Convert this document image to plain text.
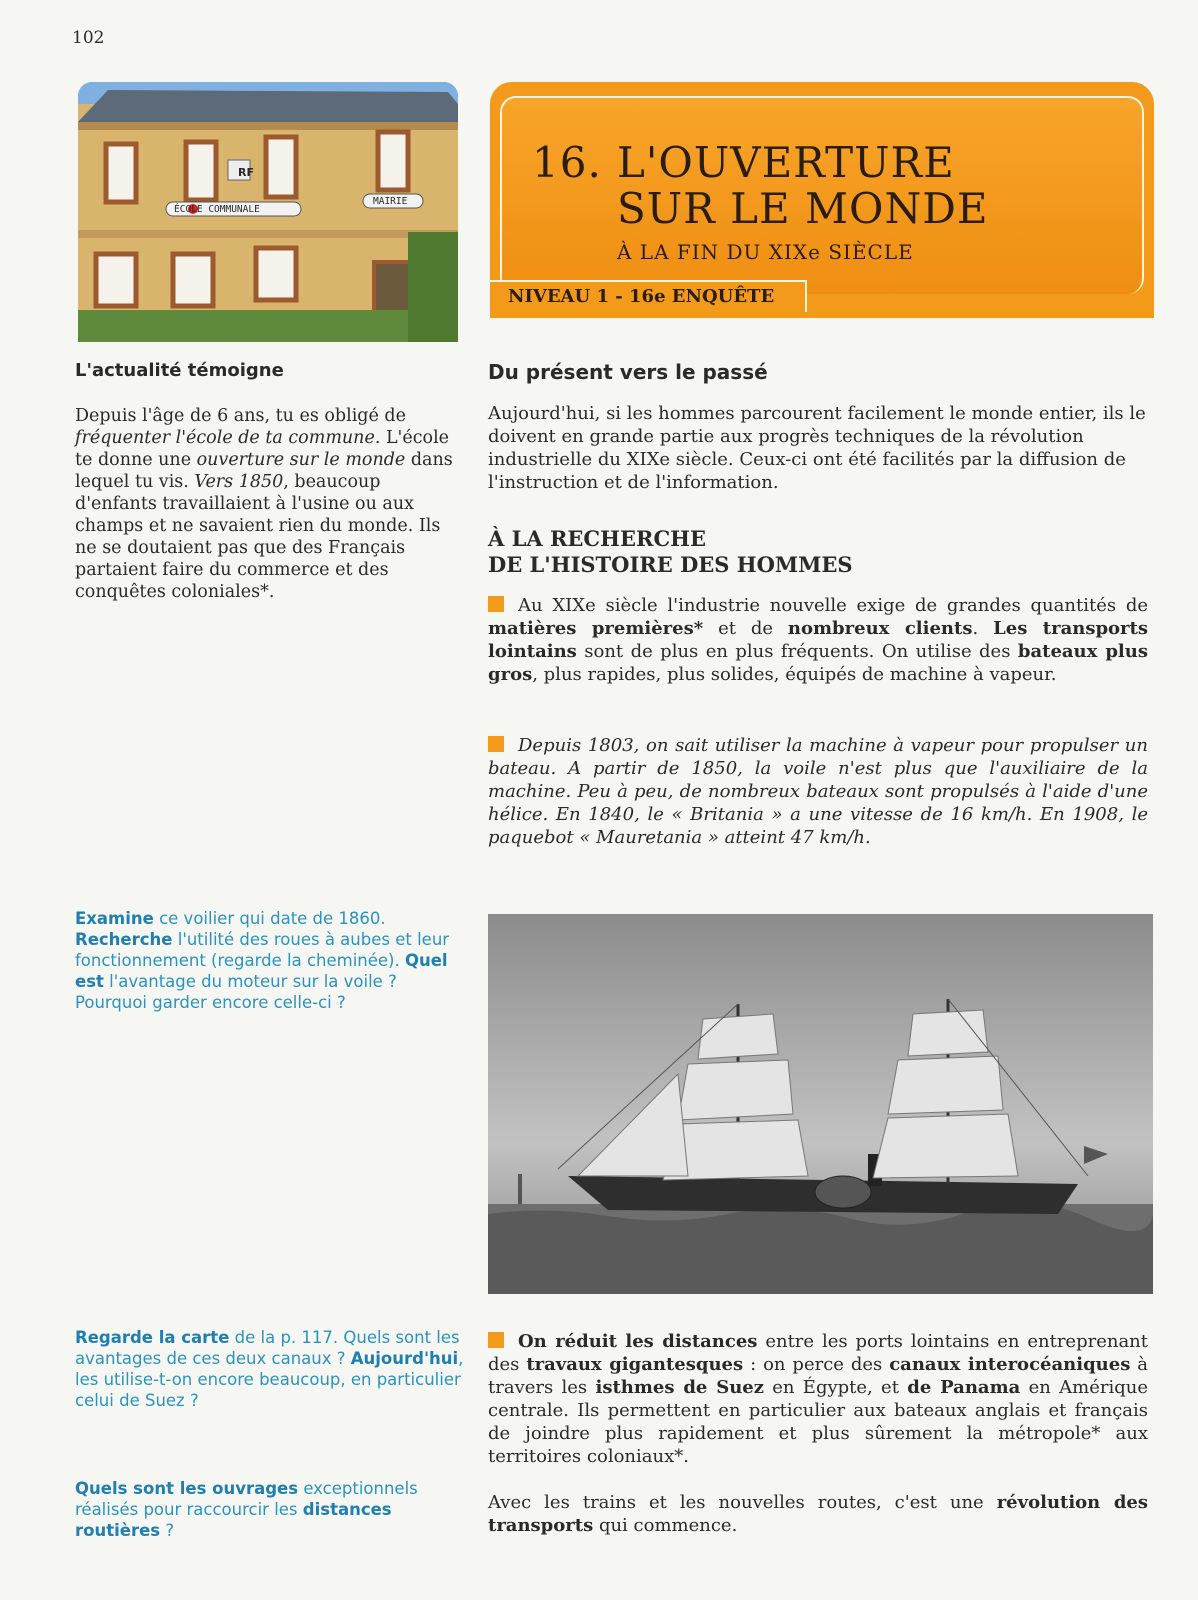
102
RF
ÉCOLE COMMUNALE
MAIRIE
16. L'OUVERTURE
SUR LE MONDE
À LA FIN DU XIXe SIÈCLE
NIVEAU 1 - 16e ENQUÊTE
L'actualité témoigne
Depuis l'âge de 6 ans, tu es obligé de fréquenter l'école de ta commune. L'école te donne une ouverture sur le monde dans lequel tu vis. Vers 1850, beaucoup d'enfants travaillaient à l'usine ou aux champs et ne savaient rien du monde. Ils ne se doutaient pas que des Français partaient faire du commerce et des conquêtes coloniales*.
Examine ce voilier qui date de 1860. Recherche l'utilité des roues à aubes et leur fonctionnement (regarde la cheminée). Quel est l'avantage du moteur sur la voile ? Pourquoi garder encore celle-ci ?
Regarde la carte de la p. 117. Quels sont les avantages de ces deux canaux ? Aujourd'hui, les utilise-t-on encore beaucoup, en particulier celui de Suez ?
Quels sont les ouvrages exceptionnels réalisés pour raccourcir les distances routières ?
Du présent vers le passé
Aujourd'hui, si les hommes parcourent facilement le monde entier, ils le doivent en grande partie aux progrès techniques de la révolution industrielle du XIXe siècle. Ceux-ci ont été facilités par la diffusion de l'instruction et de l'information.
À LA RECHERCHE
DE L'HISTOIRE DES HOMMES
Au XIXe siècle l'industrie nouvelle exige de grandes quantités de matières premières* et de nombreux clients. Les transports lointains sont de plus en plus fréquents. On utilise des bateaux plus gros, plus rapides, plus solides, équipés de machine à vapeur.
Depuis 1803, on sait utiliser la machine à vapeur pour propulser un bateau. A partir de 1850, la voile n'est plus que l'auxiliaire de la machine. Peu à peu, de nombreux bateaux sont propulsés à l'aide d'une hélice. En 1840, le « Britania » a une vitesse de 16 km/h. En 1908, le paquebot « Mauretania » atteint 47 km/h.
On réduit les distances entre les ports lointains en entreprenant des travaux gigantesques : on perce des canaux interocéaniques à travers les isthmes de Suez en Égypte, et de Panama en Amérique centrale. Ils permettent en particulier aux bateaux anglais et français de joindre plus rapidement et plus sûrement la métropole* aux territoires coloniaux*.
Avec les trains et les nouvelles routes, c'est une révolution des transports qui commence.
